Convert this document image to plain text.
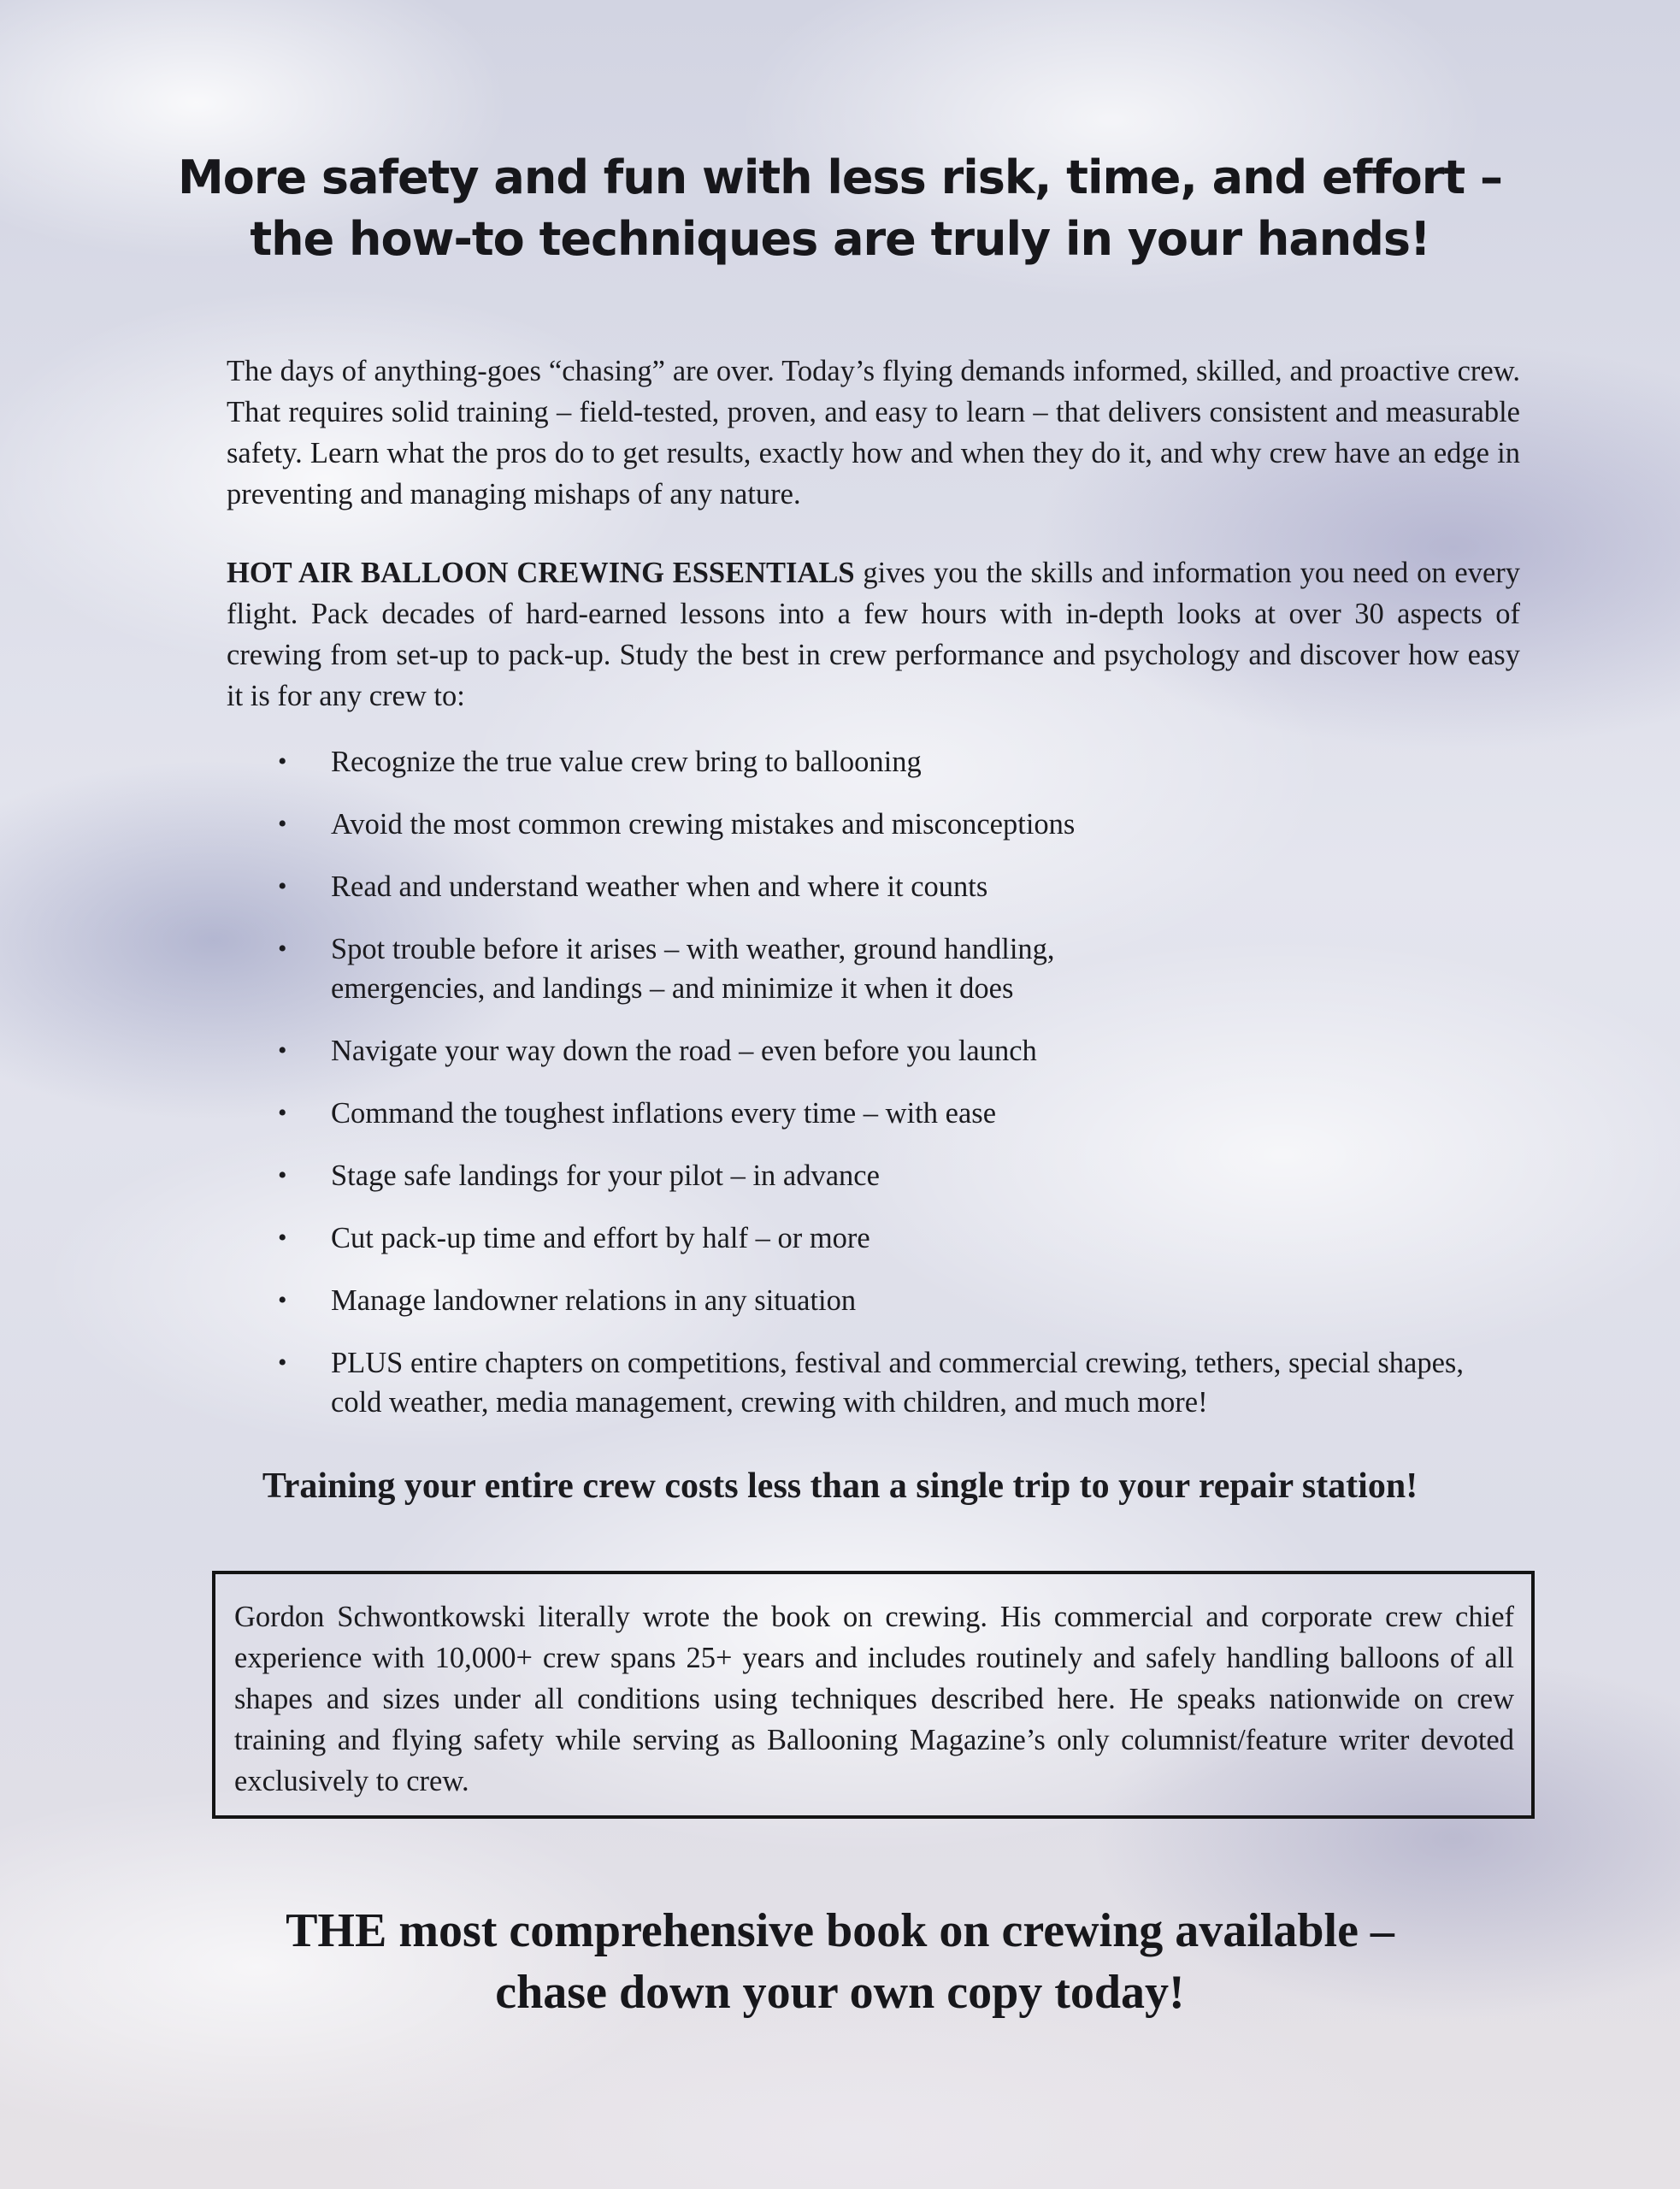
More safety and fun with less risk, time, and effort –
the how-to techniques are truly in your hands!

The days of anything-goes “chasing” are over. Today’s flying demands informed, skilled, and proactive crew. That requires solid training – field-tested, proven, and easy to learn – that delivers consistent and measurable safety. Learn what the pros do to get results, exactly how and when they do it, and why crew have an edge in preventing and managing mishaps of any nature.

HOT AIR BALLOON CREWING ESSENTIALS gives you the skills and information you need on every flight. Pack decades of hard-earned lessons into a few hours with in-depth looks at over 30 aspects of crewing from set-up to pack-up. Study the best in crew performance and psychology and discover how easy it is for any crew to:

• Recognize the true value crew bring to ballooning
• Avoid the most common crewing mistakes and misconceptions
• Read and understand weather when and where it counts
• Spot trouble before it arises – with weather, ground handling, emergencies, and landings – and minimize it when it does
• Navigate your way down the road – even before you launch
• Command the toughest inflations every time – with ease
• Stage safe landings for your pilot – in advance
• Cut pack-up time and effort by half – or more
• Manage landowner relations in any situation
• PLUS entire chapters on competitions, festival and commercial crewing, tethers, special shapes, cold weather, media management, crewing with children, and much more!

Training your entire crew costs less than a single trip to your repair station!

Gordon Schwontkowski literally wrote the book on crewing. His commercial and corporate crew chief experience with 10,000+ crew spans 25+ years and includes routinely and safely handling balloons of all shapes and sizes under all conditions using techniques described here. He speaks nationwide on crew training and flying safety while serving as Ballooning Magazine’s only columnist/feature writer devoted exclusively to crew.

THE most comprehensive book on crewing available –
chase down your own copy today!
